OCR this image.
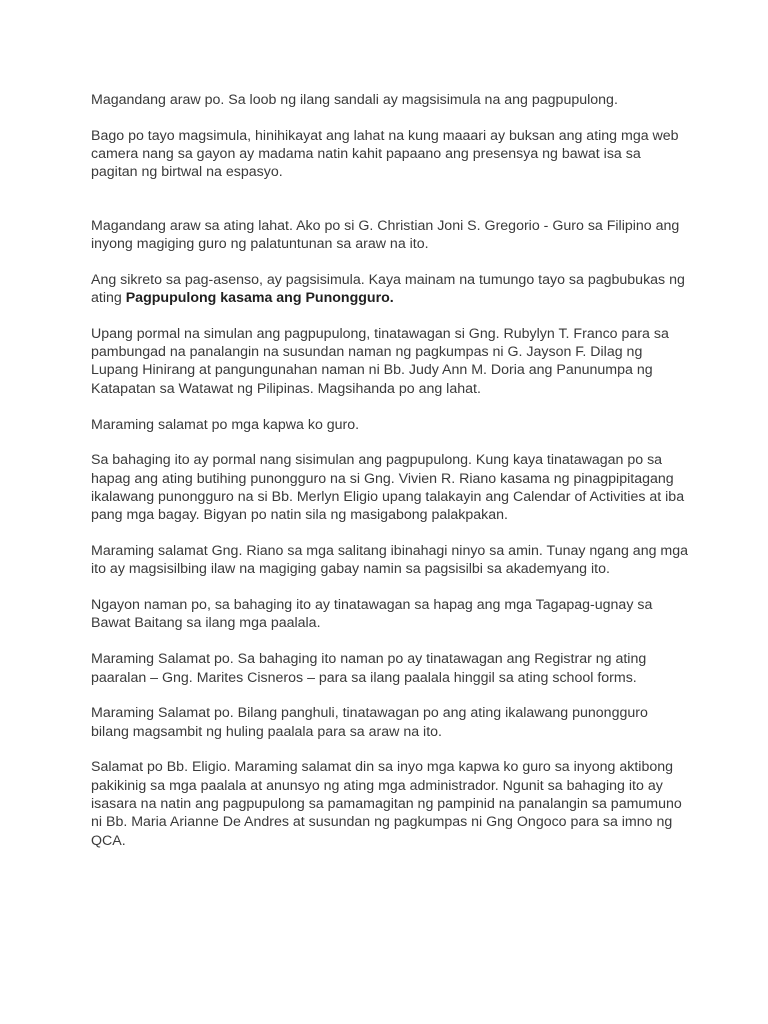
Magandang araw po. Sa loob ng ilang sandali ay magsisimula na ang pagpupulong.

Bago po tayo magsimula, hinihikayat ang lahat na kung maaari ay buksan ang ating mga web camera nang sa gayon ay madama natin kahit papaano ang presensya ng bawat isa sa pagitan ng birtwal na espasyo.

Magandang araw sa ating lahat. Ako po si G. Christian Joni S. Gregorio - Guro sa Filipino ang inyong magiging guro ng palatuntunan sa araw na ito.

Ang sikreto sa pag-asenso, ay pagsisimula. Kaya mainam na tumungo tayo sa pagbubukas ng ating Pagpupulong kasama ang Punongguro.

Upang pormal na simulan ang pagpupulong, tinatawagan si Gng. Rubylyn T. Franco para sa pambungad na panalangin na susundan naman ng pagkumpas ni G. Jayson F. Dilag ng Lupang Hinirang at pangungunahan naman ni Bb. Judy Ann M. Doria ang Panunumpa ng Katapatan sa Watawat ng Pilipinas. Magsihanda po ang lahat.

Maraming salamat po mga kapwa ko guro.

Sa bahaging ito ay pormal nang sisimulan ang pagpupulong. Kung kaya tinatawagan po sa hapag ang ating butihing punongguro na si Gng. Vivien R. Riano kasama ng pinagpipitagang ikalawang punongguro na si Bb. Merlyn Eligio upang talakayin ang Calendar of Activities at iba pang mga bagay. Bigyan po natin sila ng masigabong palakpakan.

Maraming salamat Gng. Riano sa mga salitang ibinahagi ninyo sa amin. Tunay ngang ang mga ito ay magsisilbing ilaw na magiging gabay namin sa pagsisilbi sa akademyang ito.

Ngayon naman po, sa bahaging ito ay tinatawagan sa hapag ang mga Tagapag-ugnay sa Bawat Baitang sa ilang mga paalala.

Maraming Salamat po. Sa bahaging ito naman po ay tinatawagan ang Registrar ng ating paaralan – Gng. Marites Cisneros – para sa ilang paalala hinggil sa ating school forms.

Maraming Salamat po. Bilang panghuli, tinatawagan po ang ating ikalawang punongguro bilang magsambit ng huling paalala para sa araw na ito.

Salamat po Bb. Eligio. Maraming salamat din sa inyo mga kapwa ko guro sa inyong aktibong pakikinig sa mga paalala at anunsyo ng ating mga administrador. Ngunit sa bahaging ito ay isasara na natin ang pagpupulong sa pamamagitan ng pampinid na panalangin sa pamumuno ni Bb. Maria Arianne De Andres at susundan ng pagkumpas ni Gng Ongoco para sa imno ng QCA.
